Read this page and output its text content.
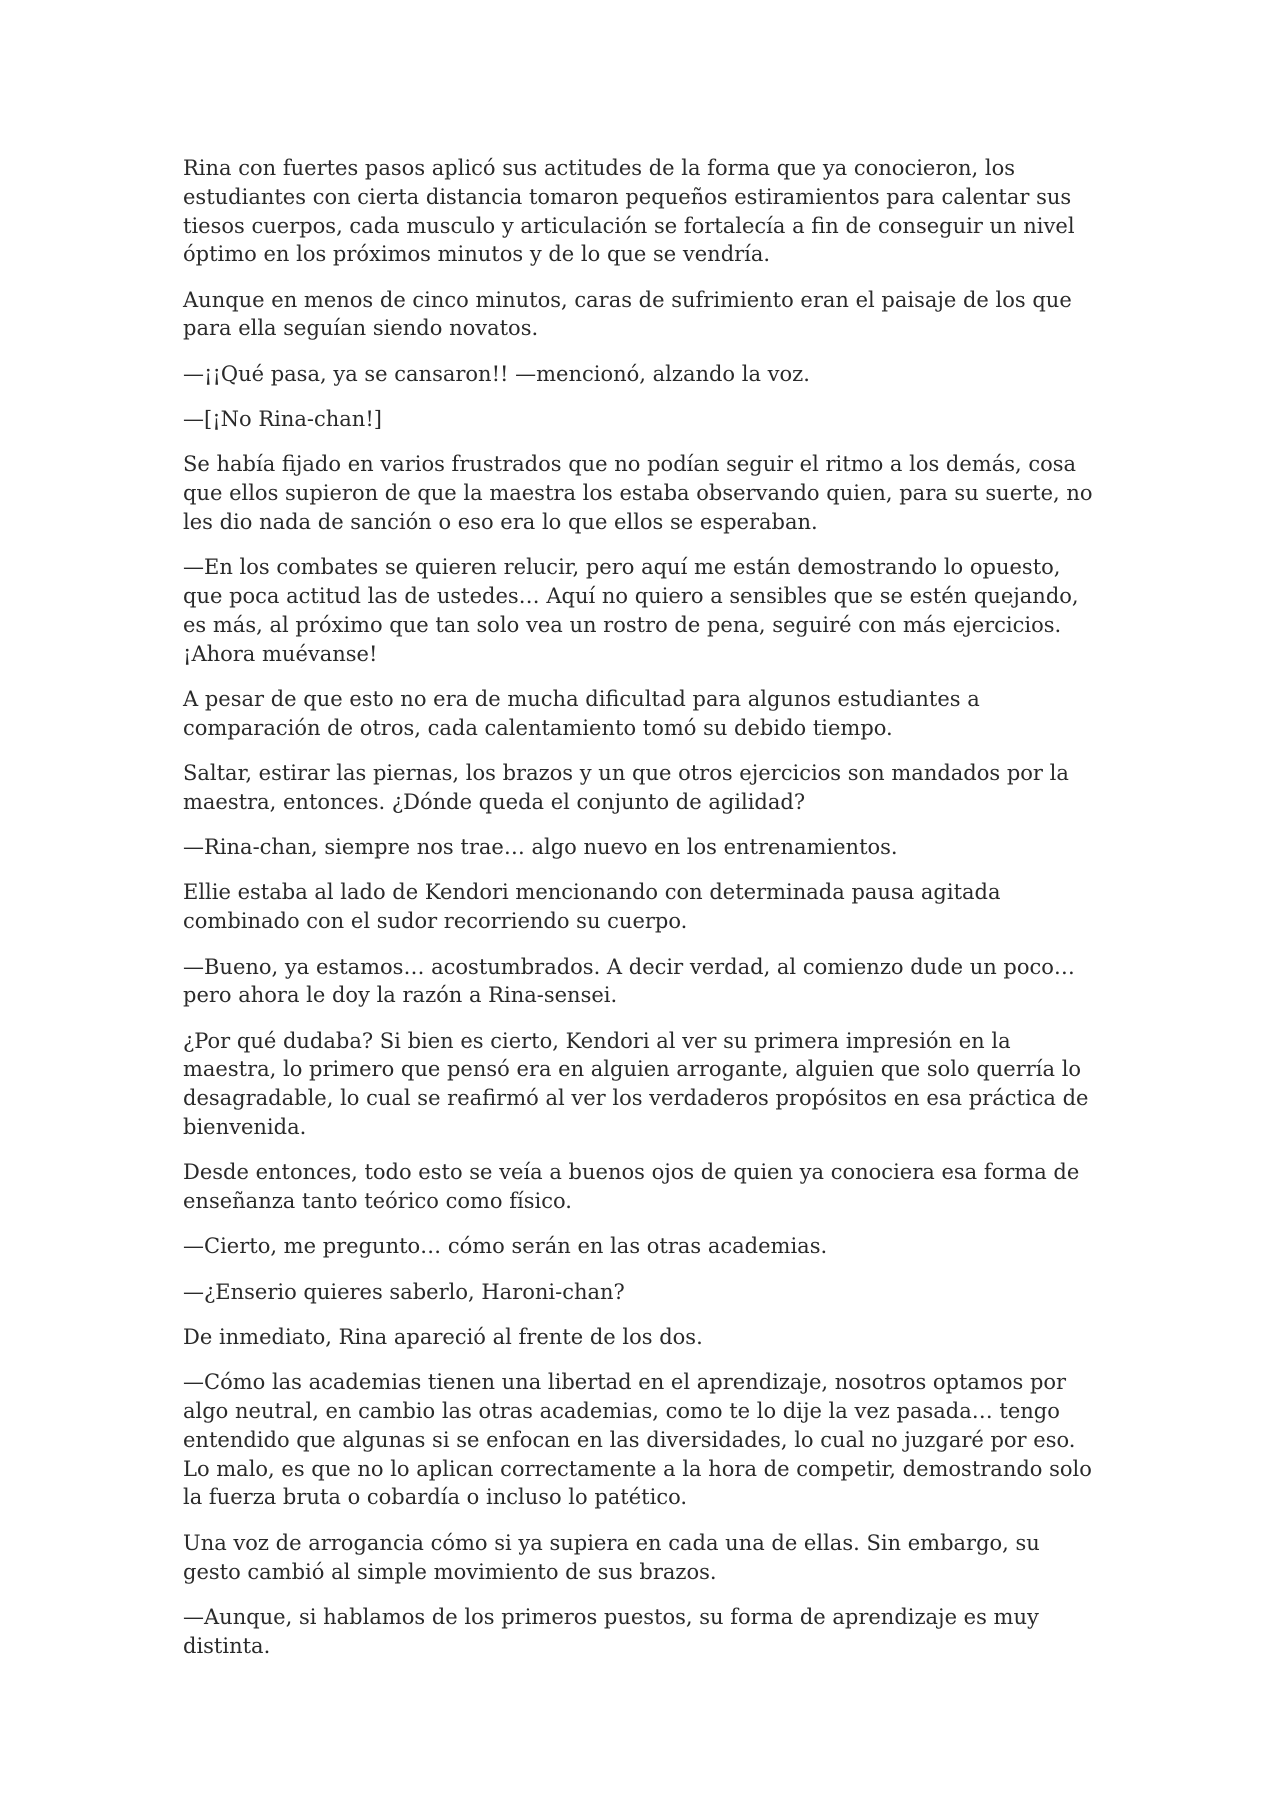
Rina con fuertes pasos aplicó sus actitudes de la forma que ya conocieron, los estudiantes con cierta distancia tomaron pequeños estiramientos para calentar sus tiesos cuerpos, cada musculo y articulación se fortalecía a fin de conseguir un nivel óptimo en los próximos minutos y de lo que se vendría.

Aunque en menos de cinco minutos, caras de sufrimiento eran el paisaje de los que para ella seguían siendo novatos.

—¡¡Qué pasa, ya se cansaron!! —mencionó, alzando la voz.

—[¡No Rina-chan!]

Se había fijado en varios frustrados que no podían seguir el ritmo a los demás, cosa que ellos supieron de que la maestra los estaba observando quien, para su suerte, no les dio nada de sanción o eso era lo que ellos se esperaban.

—En los combates se quieren relucir, pero aquí me están demostrando lo opuesto, que poca actitud las de ustedes… Aquí no quiero a sensibles que se estén quejando, es más, al próximo que tan solo vea un rostro de pena, seguiré con más ejercicios. ¡Ahora muévanse!

A pesar de que esto no era de mucha dificultad para algunos estudiantes a comparación de otros, cada calentamiento tomó su debido tiempo.

Saltar, estirar las piernas, los brazos y un que otros ejercicios son mandados por la maestra, entonces. ¿Dónde queda el conjunto de agilidad?

—Rina-chan, siempre nos trae… algo nuevo en los entrenamientos.

Ellie estaba al lado de Kendori mencionando con determinada pausa agitada combinado con el sudor recorriendo su cuerpo.

—Bueno, ya estamos… acostumbrados. A decir verdad, al comienzo dude un poco… pero ahora le doy la razón a Rina-sensei.

¿Por qué dudaba? Si bien es cierto, Kendori al ver su primera impresión en la maestra, lo primero que pensó era en alguien arrogante, alguien que solo querría lo desagradable, lo cual se reafirmó al ver los verdaderos propósitos en esa práctica de bienvenida.

Desde entonces, todo esto se veía a buenos ojos de quien ya conociera esa forma de enseñanza tanto teórico como físico.

—Cierto, me pregunto… cómo serán en las otras academias.

—¿Enserio quieres saberlo, Haroni-chan?

De inmediato, Rina apareció al frente de los dos.

—Cómo las academias tienen una libertad en el aprendizaje, nosotros optamos por algo neutral, en cambio las otras academias, como te lo dije la vez pasada… tengo entendido que algunas si se enfocan en las diversidades, lo cual no juzgaré por eso. Lo malo, es que no lo aplican correctamente a la hora de competir, demostrando solo la fuerza bruta o cobardía o incluso lo patético.

Una voz de arrogancia cómo si ya supiera en cada una de ellas. Sin embargo, su gesto cambió al simple movimiento de sus brazos.

—Aunque, si hablamos de los primeros puestos, su forma de aprendizaje es muy distinta.
